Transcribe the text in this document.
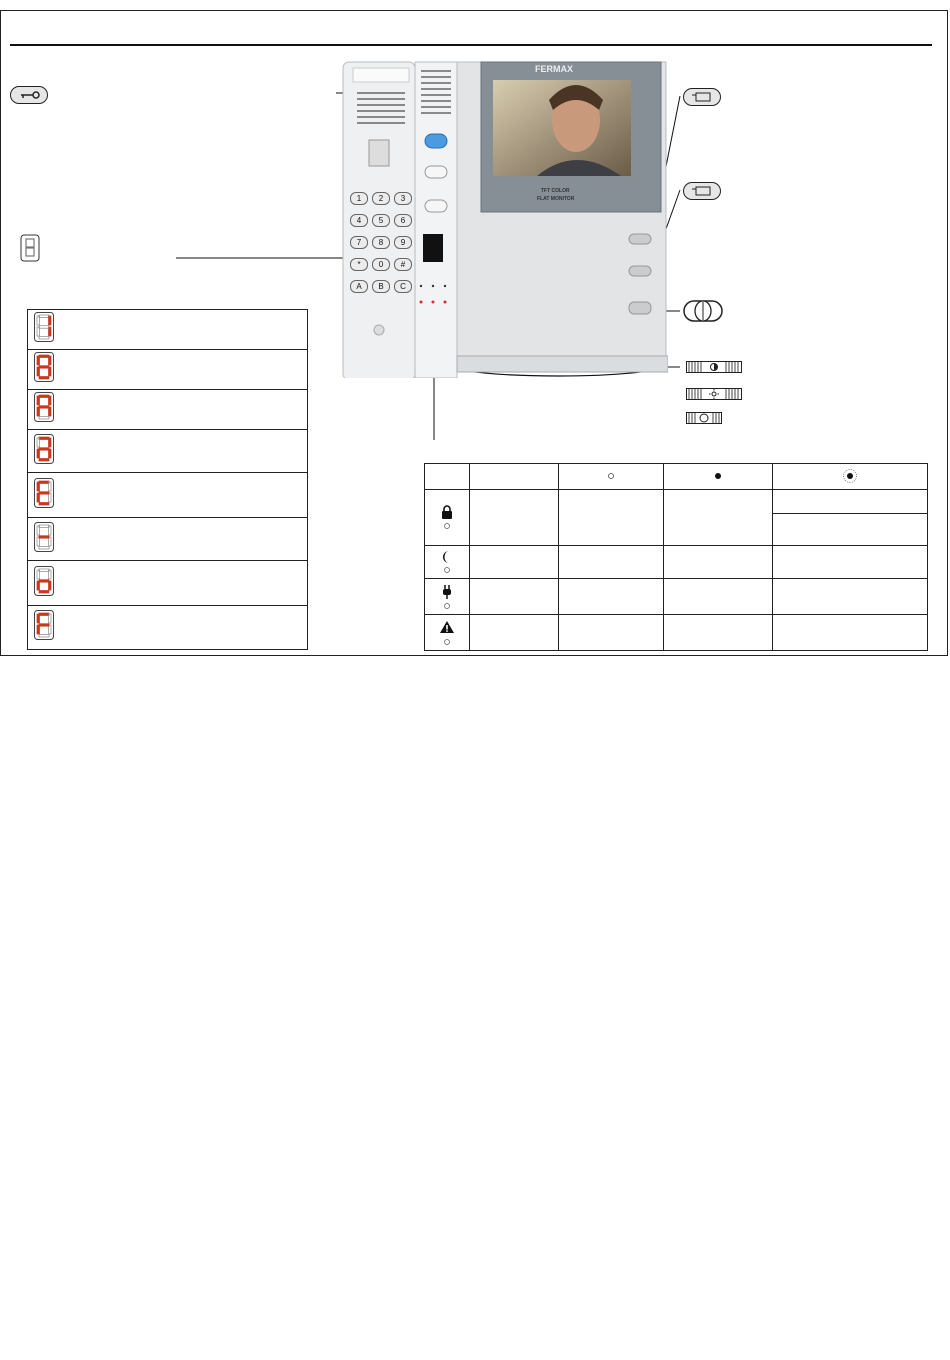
FERMAX
TFT COLOR
FLAT MONITOR
1	2	3
4	5	6
7	8	9
*	0	#
A	B	C
